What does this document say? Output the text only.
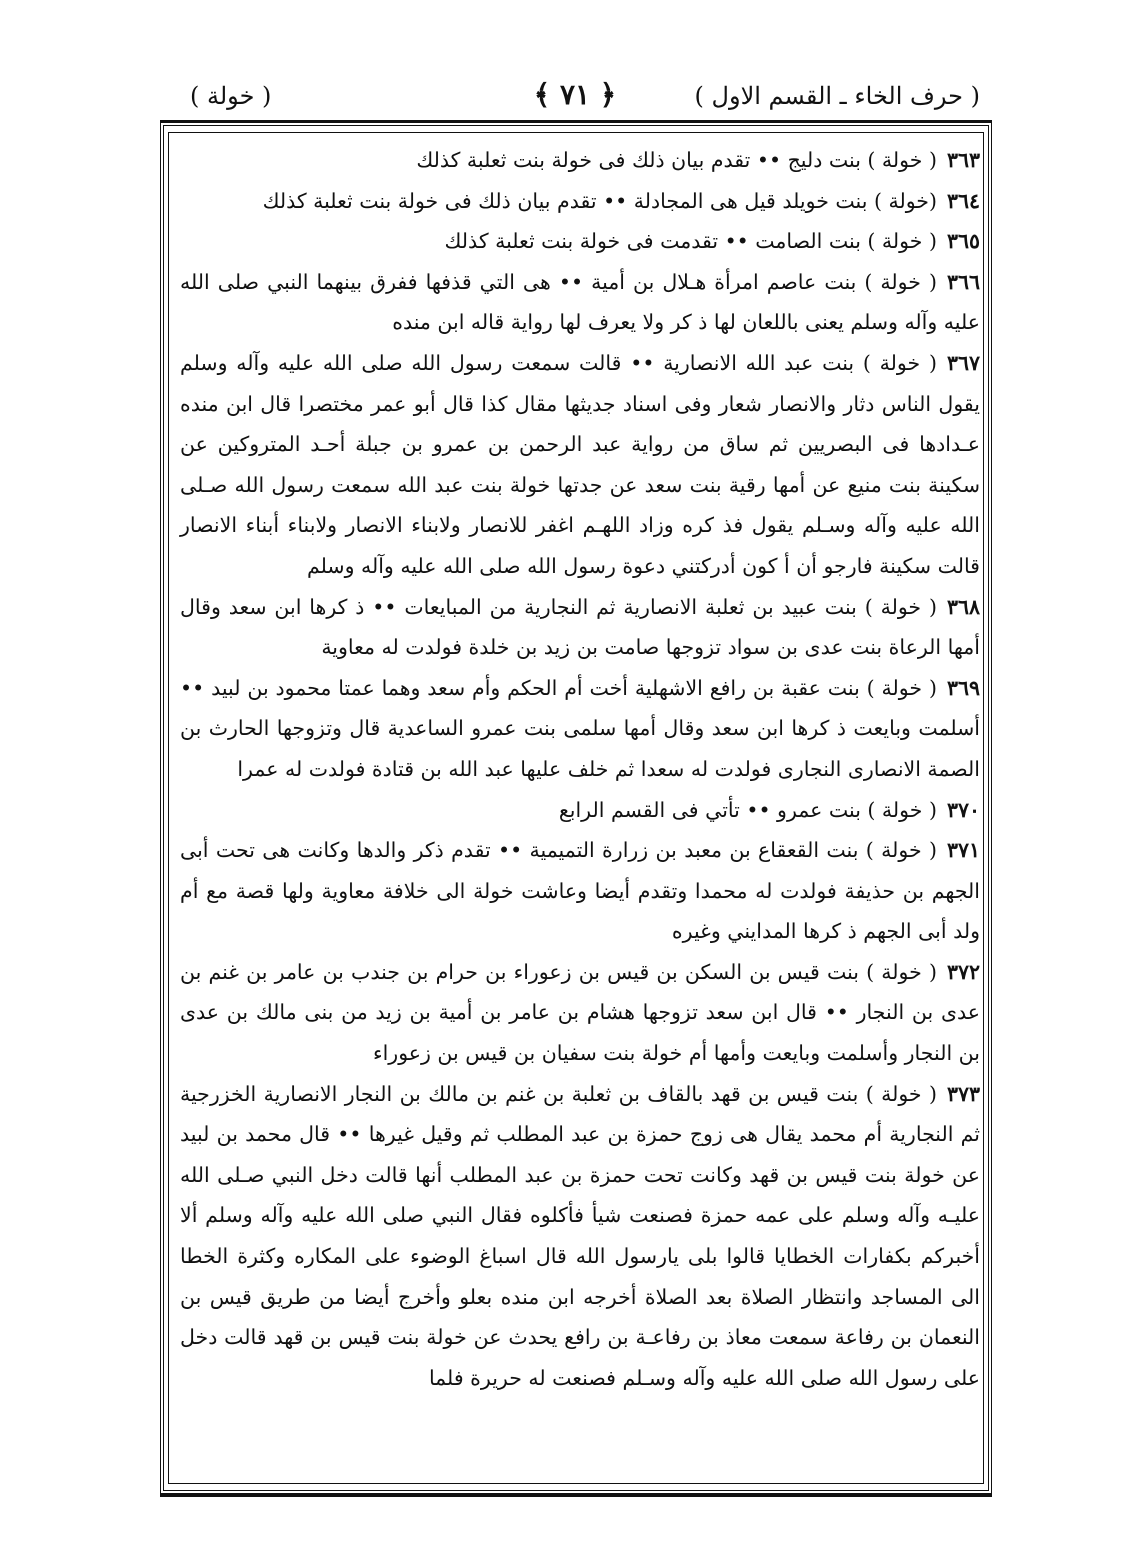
( حرف الخاء ـ القسم الاول )
﴿ ٧١ ﴾
( خولة )

٣٦٣( خولة ) بنت دليج •• تقدم بيان ذلك فى خولة بنت ثعلبة كذلك

٣٦٤(خولة ) بنت خويلد قيل هى المجادلة •• تقدم بيان ذلك فى خولة بنت ثعلبة كذلك

٣٦٥( خولة ) بنت الصامت •• تقدمت فى خولة بنت ثعلبة كذلك

٣٦٦( خولة ) بنت عاصم امرأة هـلال بن أمية •• هى التي قذفها ففرق بينهما النبي صلى الله عليه وآله وسلم يعنى باللعان لها ذ كر ولا يعرف لها رواية قاله ابن منده

٣٦٧( خولة ) بنت عبد الله الانصارية •• قالت سمعت رسول الله صلى الله عليه وآله وسلم يقول الناس دثار والانصار شعار وفى اسناد جديثها مقال كذا قال أبو عمر مختصرا قال ابن منده عـدادها فى البصريين ثم ساق من رواية عبد الرحمن بن عمرو بن جبلة أحـد المتروكين عن سكينة بنت منيع عن أمها رقية بنت سعد عن جدتها خولة بنت عبد الله سمعت رسول الله صـلى الله عليه وآله وسـلم يقول فذ كره وزاد اللهـم اغفر للانصار ولابناء الانصار ولابناء أبناء الانصار قالت سكينة فارجو أن أ كون أدركتني دعوة رسول الله صلى الله عليه وآله وسلم

٣٦٨( خولة ) بنت عبيد بن ثعلبة الانصارية ثم النجارية من المبايعات •• ذ كرها ابن سعد وقال أمها الرعاة بنت عدى بن سواد تزوجها صامت بن زيد بن خلدة فولدت له معاوية

٣٦٩( خولة ) بنت عقبة بن رافع الاشهلية أخت أم الحكم وأم سعد وهما عمتا محمود بن لبيد •• أسلمت وبايعت ذ كرها ابن سعد وقال أمها سلمى بنت عمرو الساعدية قال وتزوجها الحارث بن الصمة الانصارى النجارى فولدت له سعدا ثم خلف عليها عبد الله بن قتادة فولدت له عمرا

٣٧٠( خولة ) بنت عمرو •• تأتي فى القسم الرابع

٣٧١( خولة ) بنت القعقاع بن معبد بن زرارة التميمية •• تقدم ذكر والدها وكانت هى تحت أبى الجهم بن حذيفة فولدت له محمدا وتقدم أيضا وعاشت خولة الى خلافة معاوية ولها قصة مع أم ولد أبى الجهم ذ كرها المدايني وغيره

٣٧٢( خولة ) بنت قيس بن السكن بن قيس بن زعوراء بن حرام بن جندب بن عامر بن غنم بن عدى بن النجار •• قال ابن سعد تزوجها هشام بن عامر بن أمية بن زيد من بنى مالك بن عدى بن النجار وأسلمت وبايعت وأمها أم خولة بنت سفيان بن قيس بن زعوراء

٣٧٣( خولة ) بنت قيس بن قهد بالقاف بن ثعلبة بن غنم بن مالك بن النجار الانصارية الخزرجية ثم النجارية أم محمد يقال هى زوج حمزة بن عبد المطلب ثم وقيل غيرها •• قال محمد بن لبيد عن خولة بنت قيس بن قهد وكانت تحت حمزة بن عبد المطلب أنها قالت دخل النبي صـلى الله عليـه وآله وسلم على عمه حمزة فصنعت شيأ فأكلوه فقال النبي صلى الله عليه وآله وسلم ألا أخبركم بكفارات الخطايا قالوا بلى يارسول الله قال اسباغ الوضوء على المكاره وكثرة الخطا الى المساجد وانتظار الصلاة بعد الصلاة أخرجه ابن منده بعلو وأخرج أيضا من طريق قيس بن النعمان بن رفاعة سمعت معاذ بن رفاعـة بن رافع يحدث عن خولة بنت قيس بن قهد قالت دخل على رسول الله صلى الله عليه وآله وسـلم فصنعت له حريرة فلما
